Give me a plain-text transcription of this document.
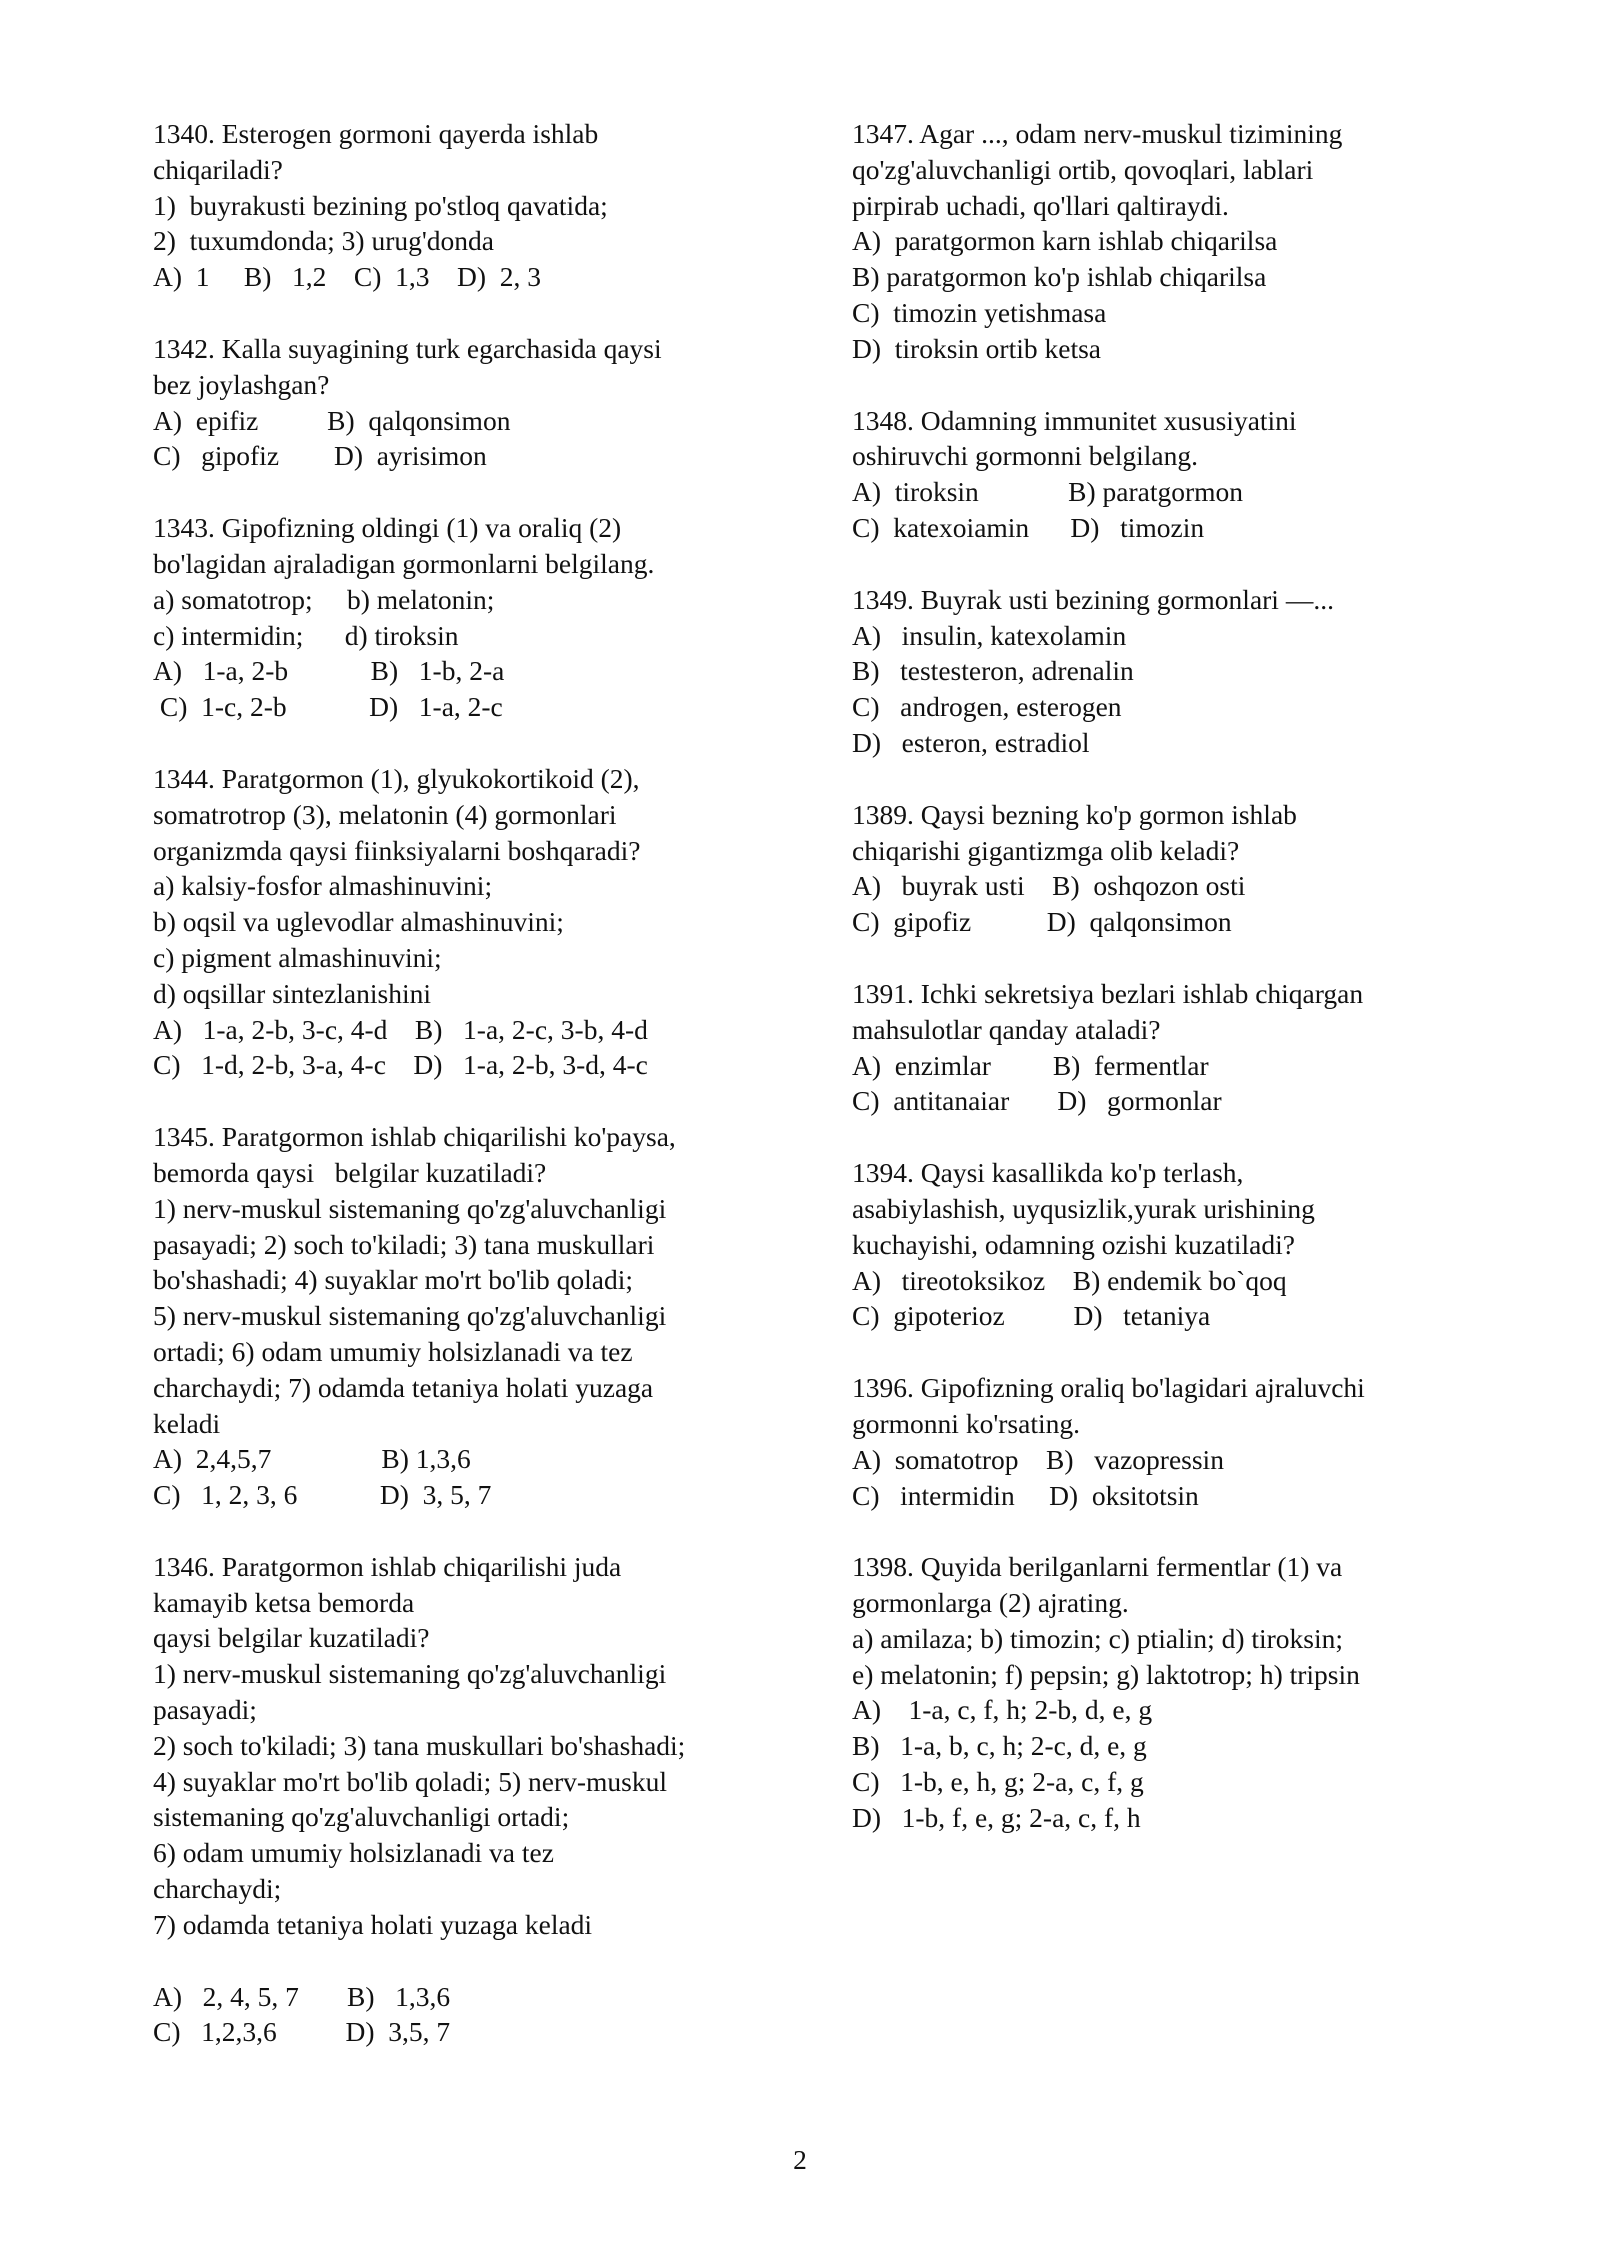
1340. Esterogen gormoni qayerda ishlab
chiqariladi?
1)  buyrakusti bezining po'stloq qavatida;
2)  tuxumdonda; 3) urug'donda
A)  1     B)   1,2    C)  1,3    D)  2, 3
1342. Kalla suyagining turk egarchasida qaysi
bez joylashgan?
A)  epifiz          B)  qalqonsimon
C)   gipofiz        D)  ayrisimon
1343. Gipofizning oldingi (1) va oraliq (2)
bo'lagidan ajraladigan gormonlarni belgilang.
a) somatotrop;     b) melatonin;
c) intermidin;      d) tiroksin
A)   1-a, 2-b            B)   1-b, 2-a
C)  1-c, 2-b            D)   1-a, 2-c
1344. Paratgormon (1), glyukokortikoid (2),
somatrotrop (3), melatonin (4) gormonlari
organizmda qaysi fiinksiyalarni boshqaradi?
a) kalsiy-fosfor almashinuvini;
b) oqsil va uglevodlar almashinuvini;
c) pigment almashinuvini;
d) oqsillar sintezlanishini
A)   1-a, 2-b, 3-c, 4-d    B)   1-a, 2-c, 3-b, 4-d
C)   1-d, 2-b, 3-a, 4-c    D)   1-a, 2-b, 3-d, 4-c
1345. Paratgormon ishlab chiqarilishi ko'paysa,
bemorda qaysi   belgilar kuzatiladi?
1) nerv-muskul sistemaning qo'zg'aluvchanligi
pasayadi; 2) soch to'kiladi; 3) tana muskullari
bo'shashadi; 4) suyaklar mo'rt bo'lib qoladi;
5) nerv-muskul sistemaning qo'zg'aluvchanligi
ortadi; 6) odam umumiy holsizlanadi va tez
charchaydi; 7) odamda tetaniya holati yuzaga
keladi
A)  2,4,5,7                B) 1,3,6
C)   1, 2, 3, 6            D)  3, 5, 7
1346. Paratgormon ishlab chiqarilishi juda
kamayib ketsa bemorda
qaysi belgilar kuzatiladi?
1) nerv-muskul sistemaning qo'zg'aluvchanligi
pasayadi;
2) soch to'kiladi; 3) tana muskullari bo'shashadi;
4) suyaklar mo'rt bo'lib qoladi; 5) nerv-muskul
sistemaning qo'zg'aluvchanligi ortadi;
6) odam umumiy holsizlanadi va tez
charchaydi;
7) odamda tetaniya holati yuzaga keladi
A)   2, 4, 5, 7       B)   1,3,6
C)   1,2,3,6          D)  3,5, 7
1347. Agar ..., odam nerv-muskul tizimining
qo'zg'aluvchanligi ortib, qovoqlari, lablari
pirpirab uchadi, qo'llari qaltiraydi.
A)  paratgormon karn ishlab chiqarilsa
B) paratgormon ko'p ishlab chiqarilsa
C)  timozin yetishmasa
D)  tiroksin ortib ketsa
1348. Odamning immunitet xususiyatini
oshiruvchi gormonni belgilang.
A)  tiroksin             B) paratgormon
C)  katexoiamin      D)   timozin
1349. Buyrak usti bezining gormonlari —...
A)   insulin, katexolamin
B)   testesteron, adrenalin
C)   androgen, esterogen
D)   esteron, estradiol
1389. Qaysi bezning ko'p gormon ishlab
chiqarishi gigantizmga olib keladi?
A)   buyrak usti    B)  oshqozon osti
C)  gipofiz           D)  qalqonsimon
1391. Ichki sekretsiya bezlari ishlab chiqargan
mahsulotlar qanday ataladi?
A)  enzimlar         B)  fermentlar
C)  antitanaiar       D)   gormonlar
1394. Qaysi kasallikda ko'p terlash,
asabiylashish, uyqusizlik,yurak urishining
kuchayishi, odamning ozishi kuzatiladi?
A)   tireotoksikoz    B) endemik bo`qoq
C)  gipoterioz          D)   tetaniya
1396. Gipofizning oraliq bo'lagidari ajraluvchi
gormonni ko'rsating.
A)  somatotrop    B)   vazopressin
C)   intermidin     D)  oksitotsin
1398. Quyida berilganlarni fermentlar (1) va
gormonlarga (2) ajrating.
a) amilaza; b) timozin; c) ptialin; d) tiroksin;
e) melatonin; f) pepsin; g) laktotrop; h) tripsin
A)    1-a, c, f, h; 2-b, d, e, g
B)   1-a, b, c, h; 2-c, d, e, g
C)   1-b, e, h, g; 2-a, c, f, g
D)   1-b, f, e, g; 2-a, c, f, h
2
